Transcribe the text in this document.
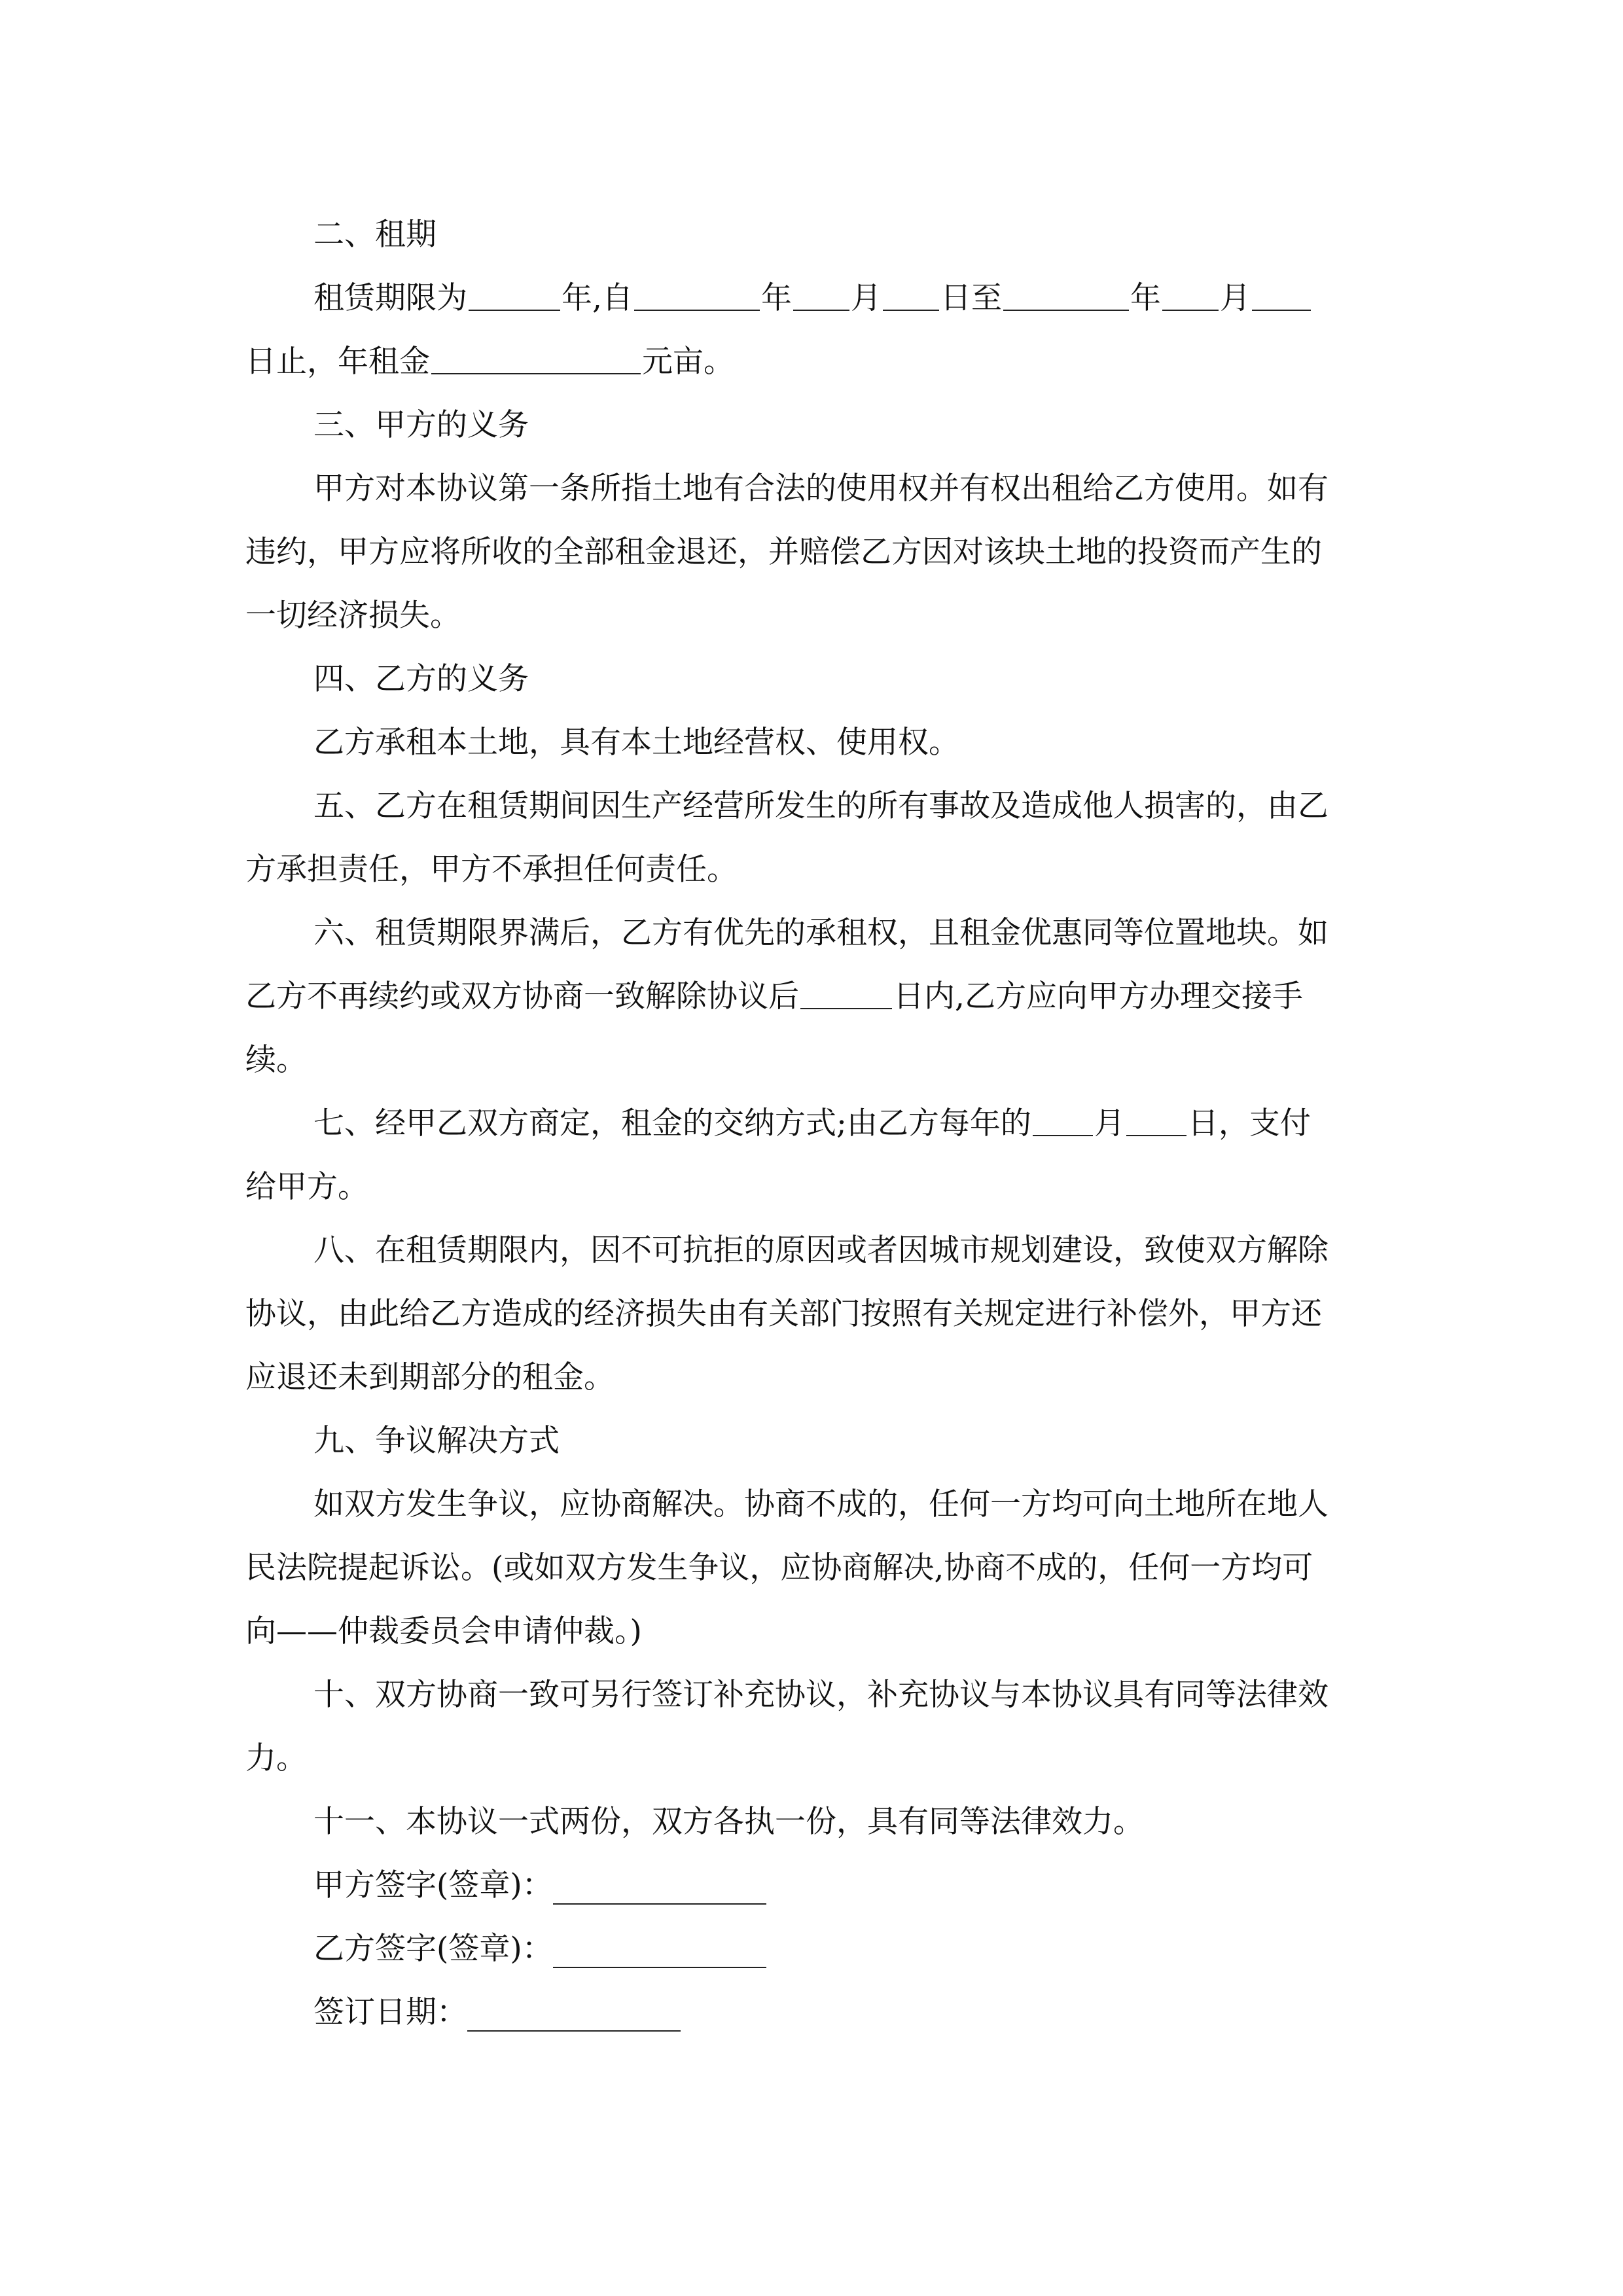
二、租期
租赁期限为	年,自	年 月 日至	年 月
日止，年租金	元亩。
三、甲方的义务
甲方对本协议第一条所指土地有合法的使用权并有权出租给乙方使用。如有
违约，甲方应将所收的全部租金退还，并赔偿乙方因对该块土地的投资而产生的
一切经济损失。
四、乙方的义务
乙方承租本土地，具有本土地经营权、使用权。
五、乙方在租赁期间因生产经营所发生的所有事故及造成他人损害的，由乙
方承担责任，甲方不承担任何责任。
六、租赁期限界满后，乙方有优先的承租权，且租金优惠同等位置地块。如
乙方不再续约或双方协商一致解除协议后	日内,乙方应向甲方办理交接手
续。
七、经甲乙双方商定，租金的交纳方式;由乙方每年的 月 日，支付
给甲方。
八、在租赁期限内，因不可抗拒的原因或者因城市规划建设，致使双方解除
协议，由此给乙方造成的经济损失由有关部门按照有关规定进行补偿外，甲方还
应退还未到期部分的租金。
九、争议解决方式
如双方发生争议，应协商解决。协商不成的，任何一方均可向土地所在地人
民法院提起诉讼。(或如双方发生争议，应协商解决,协商不成的，任何一方均可
向——仲裁委员会申请仲裁。)
十、双方协商一致可另行签订补充协议，补充协议与本协议具有同等法律效
力。
十一、本协议一式两份，双方各执一份，具有同等法律效力。
甲方签字(签章)：
乙方签字(签章)：
签订日期：
